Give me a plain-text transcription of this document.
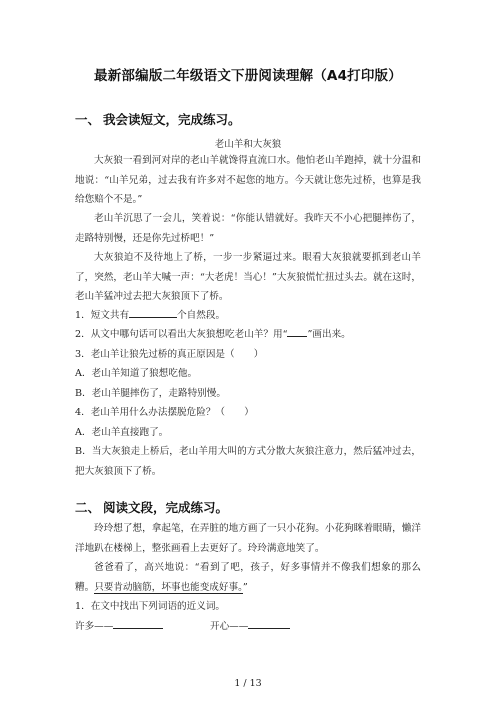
最新部编版二年级语文下册阅读理解（A4打印版）
一、 我会读短文，完成练习。
老山羊和大灰狼

大灰狼一看到河对岸的老山羊就馋得直流口水。他怕老山羊跑掉，就十分温和地说：“山羊兄弟，过去我有许多对不起您的地方。今天就让您先过桥，也算是我给您赔个不是。”

老山羊沉思了一会儿，笑着说：“你能认错就好。我昨天不小心把腿摔伤了，走路特别慢，还是你先过桥吧！”

大灰狼迫不及待地上了桥，一步一步紧逼过来。眼看大灰狼就要抓到老山羊了，突然，老山羊大喊一声：“大老虎！当心！”大灰狼慌忙扭过头去。就在这时，老山羊猛冲过去把大灰狼顶下了桥。

1．短文共有	个自然段。
2．从文中哪句话可以看出大灰狼想吃老山羊？用“ ”画出来。
3．老山羊让狼先过桥的真正原因是（　　）
A．老山羊知道了狼想吃他。
B．老山羊腿摔伤了，走路特别慢。
4．老山羊用什么办法摆脱危险？（　　）
A．老山羊直接跑了。

B．当大灰狼走上桥后，老山羊用大叫的方式分散大灰狼注意力，然后猛冲过去，把大灰狼顶下了桥。

二、 阅读文段，完成练习。

玲玲想了想，拿起笔，在弄脏的地方画了一只小花狗。小花狗眯着眼睛，懒洋洋地趴在楼梯上，整张画看上去更好了。玲玲满意地笑了。

爸爸看了，高兴地说：“看到了吧，孩子，好多事情并不像我们想象的那么糟。只要肯动脑筋，坏事也能变成好事。”

1．在文中找出下列词语的近义词。
许多——	开心——
1 / 13
